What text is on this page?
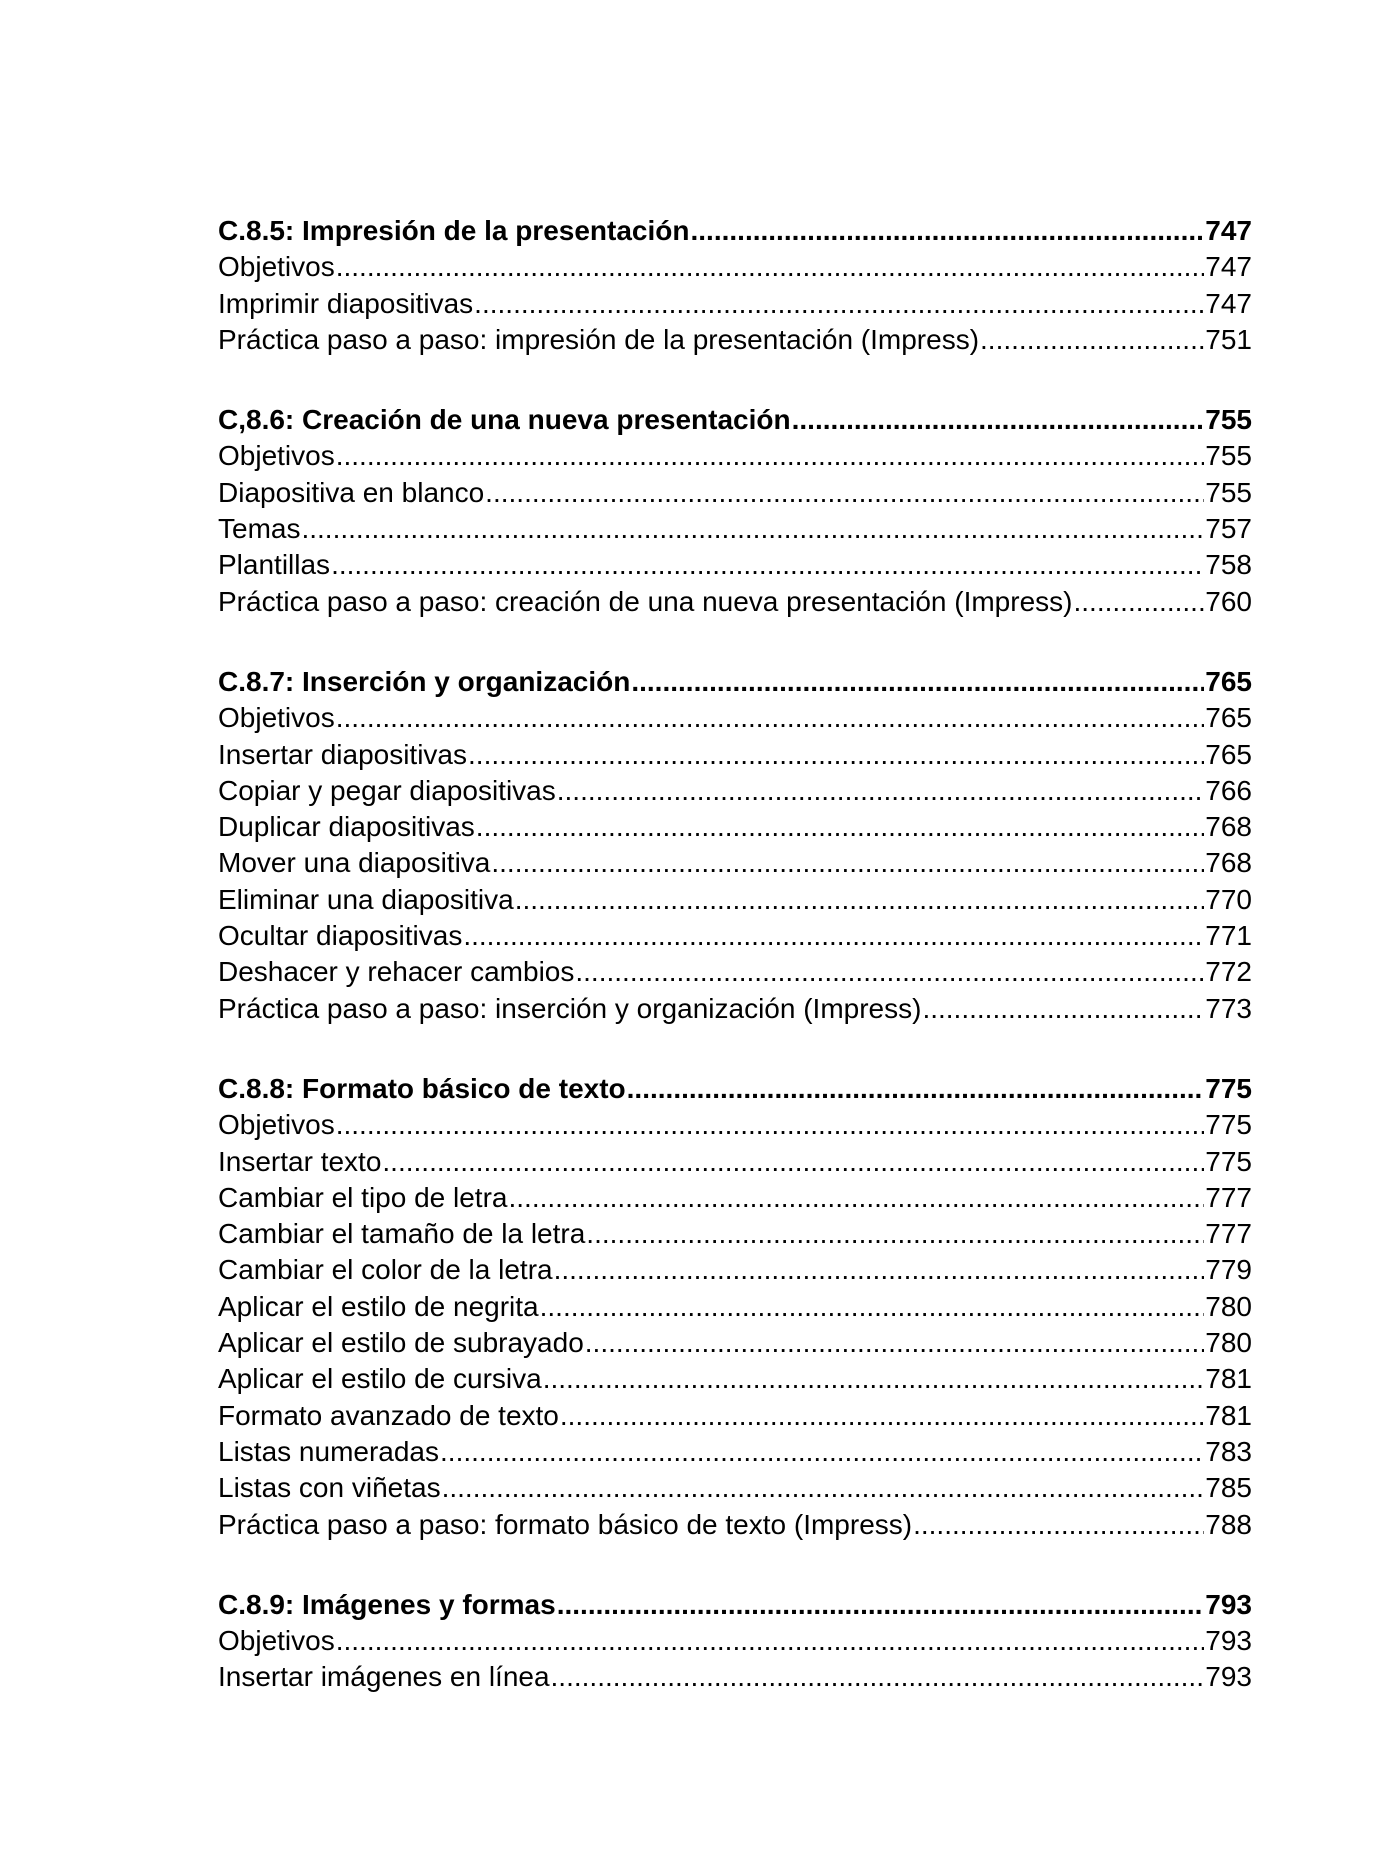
C.8.5: Impresión de la presentación .....	747
Objetivos .....	747
Imprimir diapositivas .....	747
Práctica paso a paso: impresión de la presentación (Impress) .....	751
C,8.6: Creación de una nueva presentación .....	755
Objetivos .....	755
Diapositiva en blanco .....	755
Temas .....	757
Plantillas .....	758
Práctica paso a paso: creación de una nueva presentación (Impress) .....	760
C.8.7: Inserción y organización .....	765
Objetivos .....	765
Insertar diapositivas .....	765
Copiar y pegar diapositivas .....	766
Duplicar diapositivas .....	768
Mover una diapositiva .....	768
Eliminar una diapositiva .....	770
Ocultar diapositivas .....	771
Deshacer y rehacer cambios .....	772
Práctica paso a paso: inserción y organización (Impress) .....	773
C.8.8: Formato básico de texto .....	775
Objetivos .....	775
Insertar texto .....	775
Cambiar el tipo de letra .....	777
Cambiar el tamaño de la letra .....	777
Cambiar el color de la letra .....	779
Aplicar el estilo de negrita .....	780
Aplicar el estilo de subrayado .....	780
Aplicar el estilo de cursiva .....	781
Formato avanzado de texto .....	781
Listas numeradas .....	783
Listas con viñetas .....	785
Práctica paso a paso: formato básico de texto (Impress) .....	788
C.8.9: Imágenes y formas .....	793
Objetivos .....	793
Insertar imágenes en línea .....	793
